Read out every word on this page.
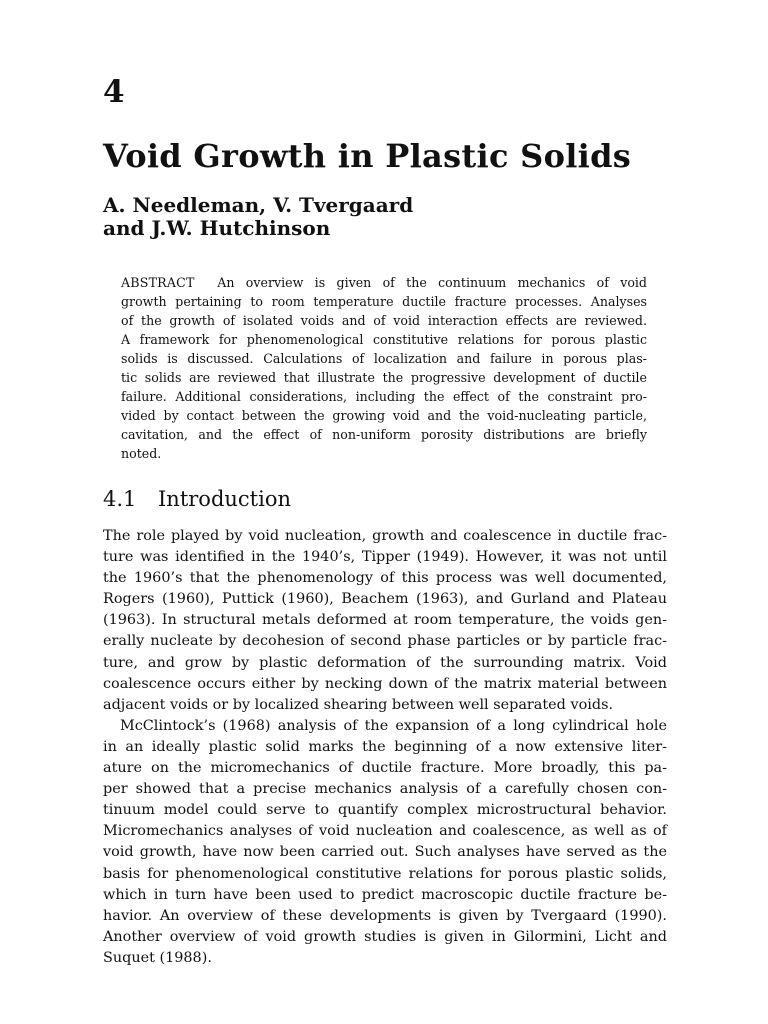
4
Void Growth in Plastic Solids
A. Needleman, V. Tvergaard
and J.W. Hutchinson
ABSTRACT An overview is given of the continuum mechanics of void
growth pertaining to room temperature ductile fracture processes. Analyses
of the growth of isolated voids and of void interaction effects are reviewed.
A framework for phenomenological constitutive relations for porous plastic
solids is discussed. Calculations of localization and failure in porous plas-
tic solids are reviewed that illustrate the progressive development of ductile
failure. Additional considerations, including the effect of the constraint pro-
vided by contact between the growing void and the void-nucleating particle,
cavitation, and the effect of non-uniform porosity distributions are briefly
noted.
4.1 Introduction
The role played by void nucleation, growth and coalescence in ductile frac-
ture was identified in the 1940’s, Tipper (1949). However, it was not until
the 1960’s that the phenomenology of this process was well documented,
Rogers (1960), Puttick (1960), Beachem (1963), and Gurland and Plateau
(1963). In structural metals deformed at room temperature, the voids gen-
erally nucleate by decohesion of second phase particles or by particle frac-
ture, and grow by plastic deformation of the surrounding matrix. Void
coalescence occurs either by necking down of the matrix material between
adjacent voids or by localized shearing between well separated voids.
McClintock’s (1968) analysis of the expansion of a long cylindrical hole
in an ideally plastic solid marks the beginning of a now extensive liter-
ature on the micromechanics of ductile fracture. More broadly, this pa-
per showed that a precise mechanics analysis of a carefully chosen con-
tinuum model could serve to quantify complex microstructural behavior.
Micromechanics analyses of void nucleation and coalescence, as well as of
void growth, have now been carried out. Such analyses have served as the
basis for phenomenological constitutive relations for porous plastic solids,
which in turn have been used to predict macroscopic ductile fracture be-
havior. An overview of these developments is given by Tvergaard (1990).
Another overview of void growth studies is given in Gilormini, Licht and
Suquet (1988).
